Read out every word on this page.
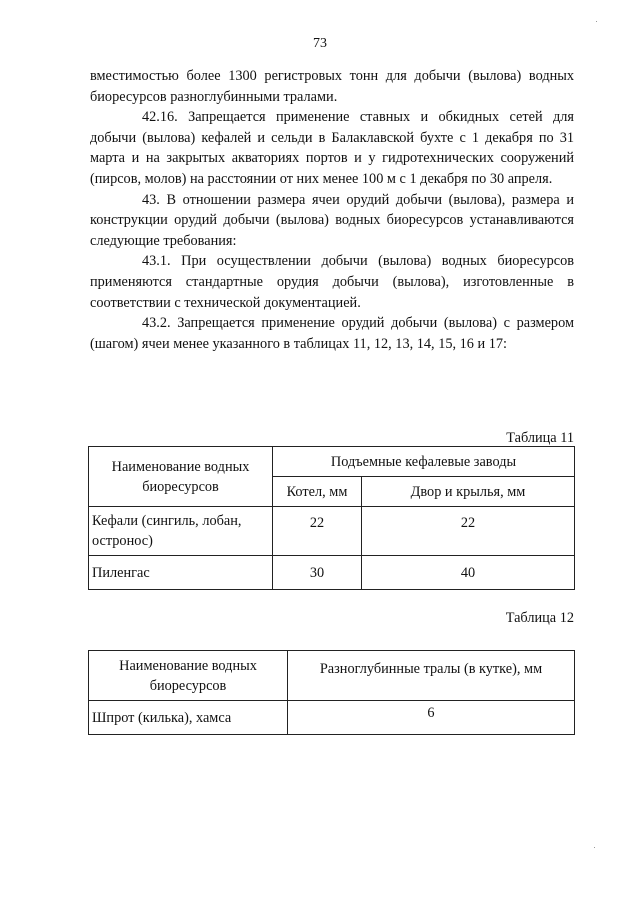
73

вместимостью более 1300 регистровых тонн для добычи (вылова) водных биоресурсов разноглубинными тралами.

42.16. Запрещается применение ставных и обкидных сетей для добычи (вылова) кефалей и сельди в Балаклавской бухте с 1 декабря по 31 марта и на закрытых акваториях портов и у гидротехнических сооружений (пирсов, молов) на расстоянии от них менее 100 м с 1 декабря по 30 апреля.

43. В отношении размера ячеи орудий добычи (вылова), размера и конструкции орудий добычи (вылова) водных биоресурсов устанавливаются следующие требования:

43.1. При осуществлении добычи (вылова) водных биоресурсов применяются стандартные орудия добычи (вылова), изготовленные в соответствии с технической документацией.

43.2. Запрещается применение орудий добычи (вылова) с размером (шагом) ячеи менее указанного в таблицах 11, 12, 13, 14, 15, 16 и 17:

Таблица 11
Наименование водных биоресурсов	Подъемные кефалевые заводы	
	Котел, мм	Двор и крылья, мм
Кефали (сингиль, лобан, остронос)	22	22
Пиленгас	30	40
Таблица 12
Наименование водных биоресурсов	Разноглубинные тралы (в кутке), мм
Шпрот (килька), хамса	6
